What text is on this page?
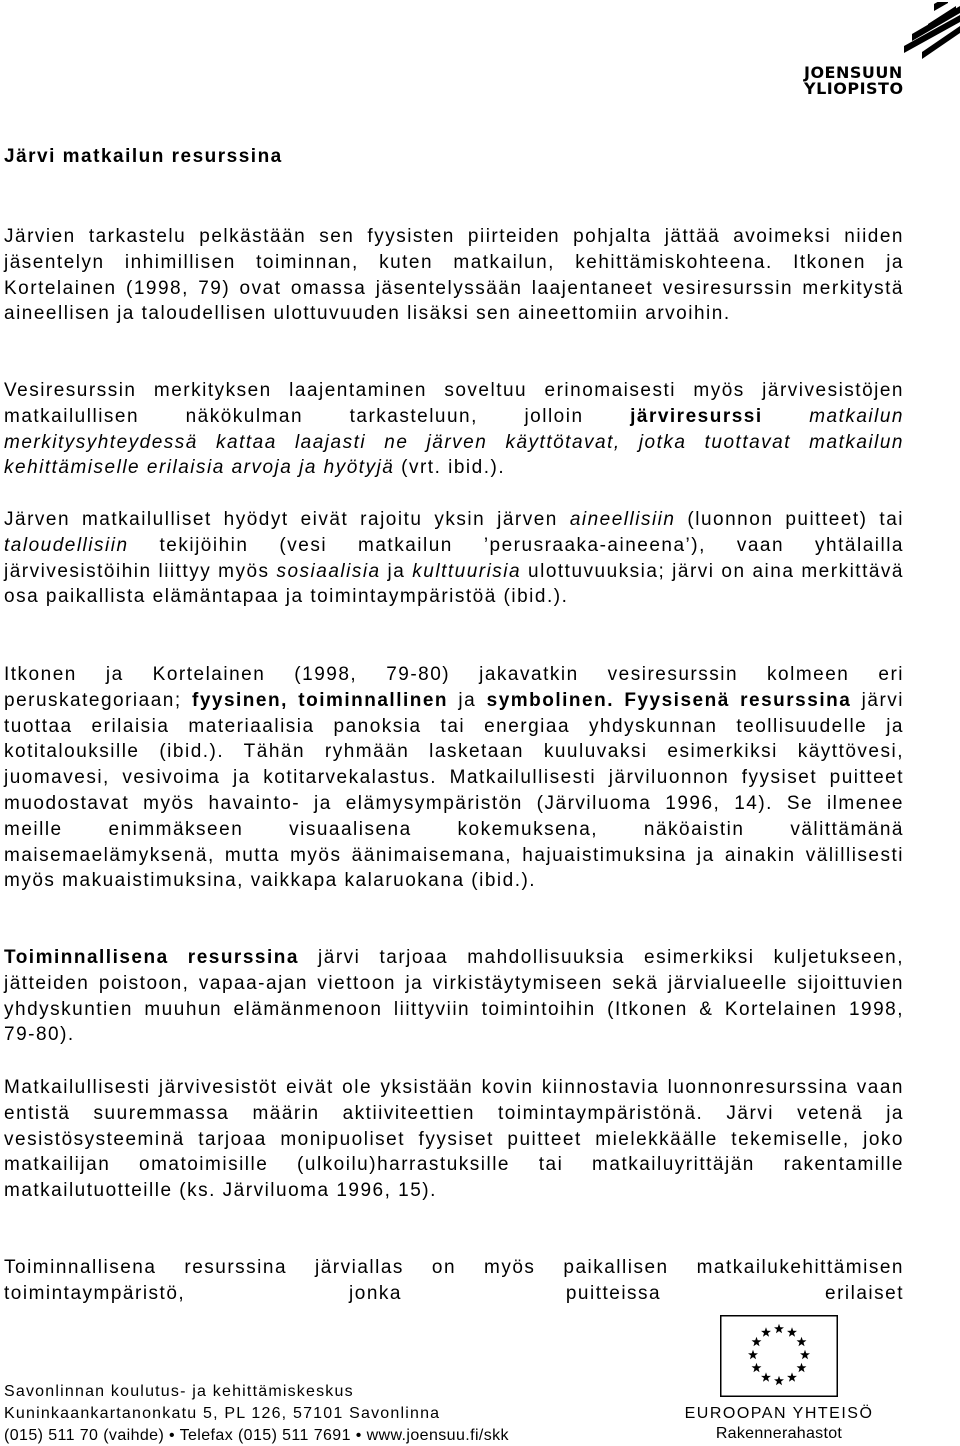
JOENSUUN
YLIOPISTO
Järvi matkailun resurssina
Järvien tarkastelu pelkästään sen fyysisten piirteiden pohjalta jättää avoimeksi niiden jäsentelyn inhimillisen toiminnan, kuten matkailun, kehittämiskohteena. Itkonen ja Kortelainen (1998, 79) ovat omassa jäsentelyssään laajentaneet vesiresurssin merkitystä aineellisen ja taloudellisen ulottuvuuden lisäksi sen aineettomiin arvoihin.
Vesiresurssin merkityksen laajentaminen soveltuu erinomaisesti myös järvivesistöjen matkailullisen näkökulman tarkasteluun, jolloin järviresurssi matkailun merkitysyhteydessä kattaa laajasti ne järven käyttötavat, jotka tuottavat matkailun kehittämiselle erilaisia arvoja ja hyötyjä (vrt. ibid.).
Järven matkailulliset hyödyt eivät rajoitu yksin järven aineellisiin (luonnon puitteet) tai taloudellisiin tekijöihin (vesi matkailun ’perusraaka-aineena’), vaan yhtälailla järvivesistöihin liittyy myös sosiaalisia ja kulttuurisia ulottuvuuksia; järvi on aina merkittävä osa paikallista elämäntapaa ja toimintaympäristöä (ibid.).
Itkonen ja Kortelainen (1998, 79-80) jakavatkin vesiresurssin kolmeen eri peruskategoriaan; fyysinen, toiminnallinen ja symbolinen. Fyysisenä resurssina järvi tuottaa erilaisia materiaalisia panoksia tai energiaa yhdyskunnan teollisuudelle ja kotitalouksille (ibid.). Tähän ryhmään lasketaan kuuluvaksi esimerkiksi käyttövesi, juomavesi, vesivoima ja kotitarvekalastus. Matkailullisesti järviluonnon fyysiset puitteet muodostavat myös havainto- ja elämysympäristön (Järviluoma 1996, 14). Se ilmenee meille enimmäkseen visuaalisena kokemuksena, näköaistin välittämänä maisemaelämyksenä, mutta myös äänimaisemana, hajuaistimuksina ja ainakin välillisesti myös makuaistimuksina, vaikkapa kalaruokana (ibid.).
Toiminnallisena resurssina järvi tarjoaa mahdollisuuksia esimerkiksi kuljetukseen, jätteiden poistoon, vapaa-ajan viettoon ja virkistäytymiseen sekä järvialueelle sijoittuvien yhdyskuntien muuhun elämänmenoon liittyviin toimintoihin (Itkonen & Kortelainen 1998, 79-80).
Matkailullisesti järvivesistöt eivät ole yksistään kovin kiinnostavia luonnonresurssina vaan entistä suuremmassa määrin aktiiviteettien toimintaympäristönä. Järvi vetenä ja vesistösysteeminä tarjoaa monipuoliset fyysiset puitteet mielekkäälle tekemiselle, joko matkailijan omatoimisille (ulkoilu)harrastuksille tai matkailuyrittäjän rakentamille matkailutuotteille (ks. Järviluoma 1996, 15).
Toiminnallisena resurssina järviallas on myös paikallisen matkailukehittämisen toimintaympäristö, jonka puitteissa erilaiset
Savonlinnan koulutus- ja kehittämiskeskus
Kuninkaankartanonkatu 5, PL 126, 57101 Savonlinna
(015) 511 70 (vaihde) • Telefax (015) 511 7691 • www.joensuu.fi/skk
EUROOPAN YHTEISÖ
Rakennerahastot
